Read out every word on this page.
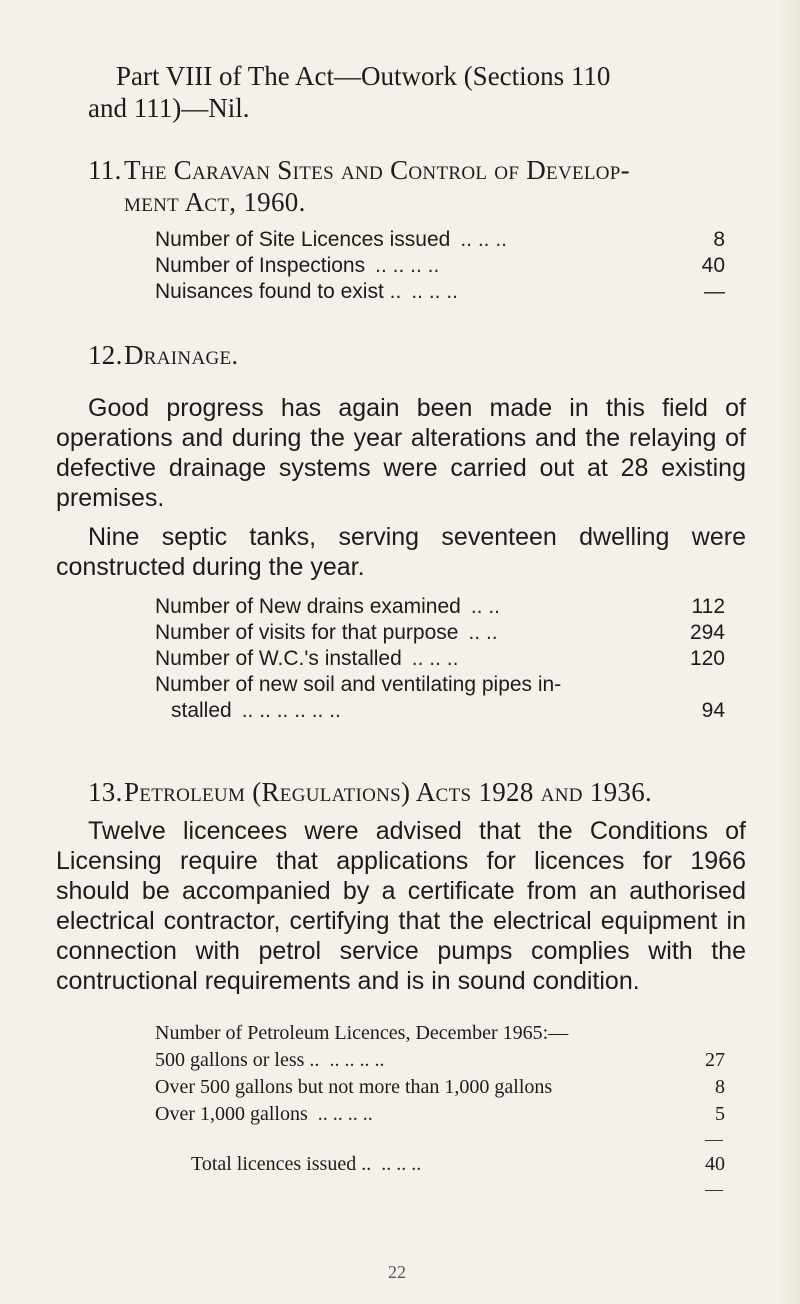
Part VIII of The Act—Outwork (Sections 110
and 111)—Nil.

11.The Caravan Sites and Control of Develop-
ment Act, 1960.
Number of Site Licences issued .. .. ..	8
Number of Inspections .. .. .. ..	40
Nuisances found to exist .. .. .. ..	—
12.Drainage.

Good progress has again been made in this field of operations and during the year alterations and the relaying of defective drainage systems were carried out at 28 existing premises.

Nine septic tanks, serving seventeen dwelling were constructed during the year.

Number of New drains examined .. ..	112
Number of visits for that purpose .. ..	294
Number of W.C.'s installed .. .. ..	120
Number of new soil and ventilating pipes in-
stalled .. .. .. .. .. ..	94
13.Petroleum (Regulations) Acts 1928 and 1936.

Twelve licencees were advised that the Conditions of Licensing require that applications for licences for 1966 should be accompanied by a certificate from an authorised electrical contractor, certifying that the electrical equipment in connection with petrol service pumps complies with the contructional requirements and is in sound condition.

Number of Petroleum Licences, December 1965:—
500 gallons or less .. .. .. .. ..	27
Over 500 gallons but not more than 1,000 gallons	8
Over 1,000 gallons .. .. .. ..	5
Total licences issued .. .. .. ..	40
22
